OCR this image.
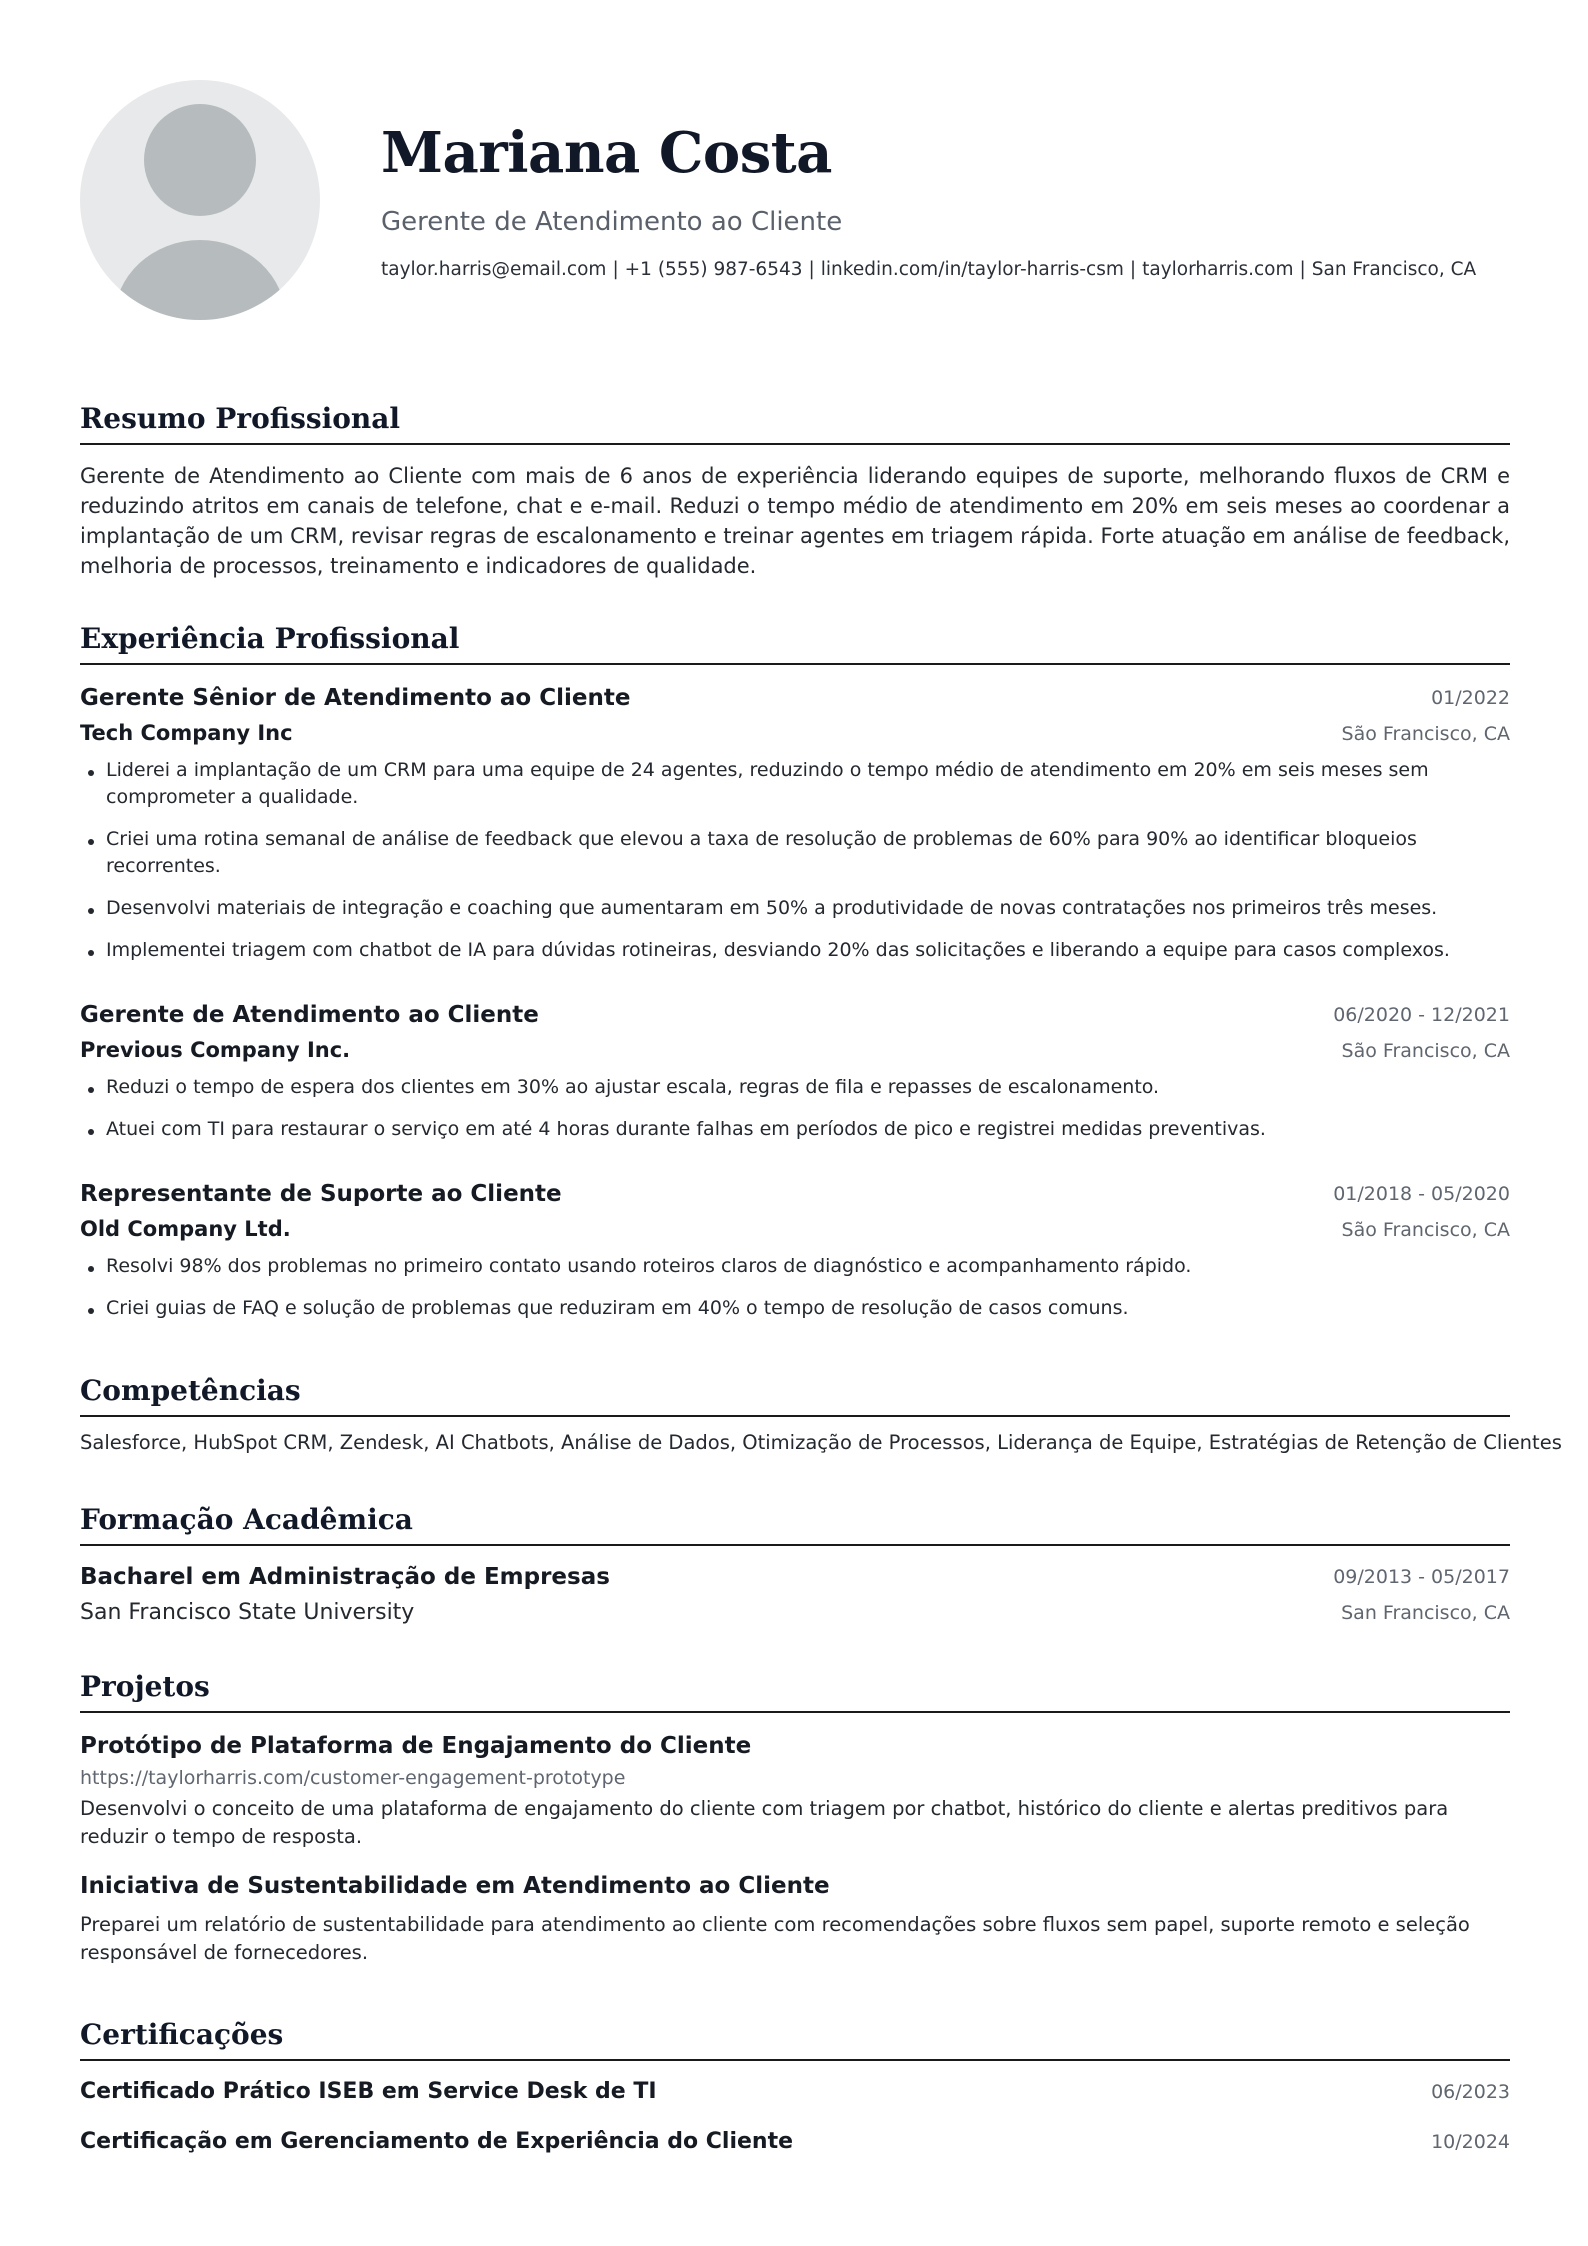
Mariana Costa
Gerente de Atendimento ao Cliente
taylor.harris@email.com | +1 (555) 987-6543 | linkedin.com/in/taylor-harris-csm | taylorharris.com | San Francisco, CA
Resumo Profissional
Gerente de Atendimento ao Cliente com mais de 6 anos de experiência liderando equipes de suporte, melhorando fluxos de CRM e reduzindo atritos em canais de telefone, chat e e-mail. Reduzi o tempo médio de atendimento em 20% em seis meses ao coordenar a implantação de um CRM, revisar regras de escalonamento e treinar agentes em triagem rápida. Forte atuação em análise de feedback, melhoria de processos, treinamento e indicadores de qualidade.
Experiência Profissional
Gerente Sênior de Atendimento ao Cliente	01/2022
Tech Company Inc	São Francisco, CA
Liderei a implantação de um CRM para uma equipe de 24 agentes, reduzindo o tempo médio de atendimento em 20% em seis meses sem comprometer a qualidade.
Criei uma rotina semanal de análise de feedback que elevou a taxa de resolução de problemas de 60% para 90% ao identificar bloqueios recorrentes.
Desenvolvi materiais de integração e coaching que aumentaram em 50% a produtividade de novas contratações nos primeiros três meses.
Implementei triagem com chatbot de IA para dúvidas rotineiras, desviando 20% das solicitações e liberando a equipe para casos complexos.
Gerente de Atendimento ao Cliente	06/2020 - 12/2021
Previous Company Inc.	São Francisco, CA
Reduzi o tempo de espera dos clientes em 30% ao ajustar escala, regras de fila e repasses de escalonamento.
Atuei com TI para restaurar o serviço em até 4 horas durante falhas em períodos de pico e registrei medidas preventivas.
Representante de Suporte ao Cliente	01/2018 - 05/2020
Old Company Ltd.	São Francisco, CA
Resolvi 98% dos problemas no primeiro contato usando roteiros claros de diagnóstico e acompanhamento rápido.
Criei guias de FAQ e solução de problemas que reduziram em 40% o tempo de resolução de casos comuns.
Competências
Salesforce, HubSpot CRM, Zendesk, AI Chatbots, Análise de Dados, Otimização de Processos, Liderança de Equipe, Estratégias de Retenção de Clientes
Formação Acadêmica
Bacharel em Administração de Empresas	09/2013 - 05/2017
San Francisco State University	San Francisco, CA
Projetos
Protótipo de Plataforma de Engajamento do Cliente
https://taylorharris.com/customer-engagement-prototype
Desenvolvi o conceito de uma plataforma de engajamento do cliente com triagem por chatbot, histórico do cliente e alertas preditivos para reduzir o tempo de resposta.
Iniciativa de Sustentabilidade em Atendimento ao Cliente
Preparei um relatório de sustentabilidade para atendimento ao cliente com recomendações sobre fluxos sem papel, suporte remoto e seleção responsável de fornecedores.
Certificações
Certificado Prático ISEB em Service Desk de TI	06/2023
Certificação em Gerenciamento de Experiência do Cliente	10/2024
